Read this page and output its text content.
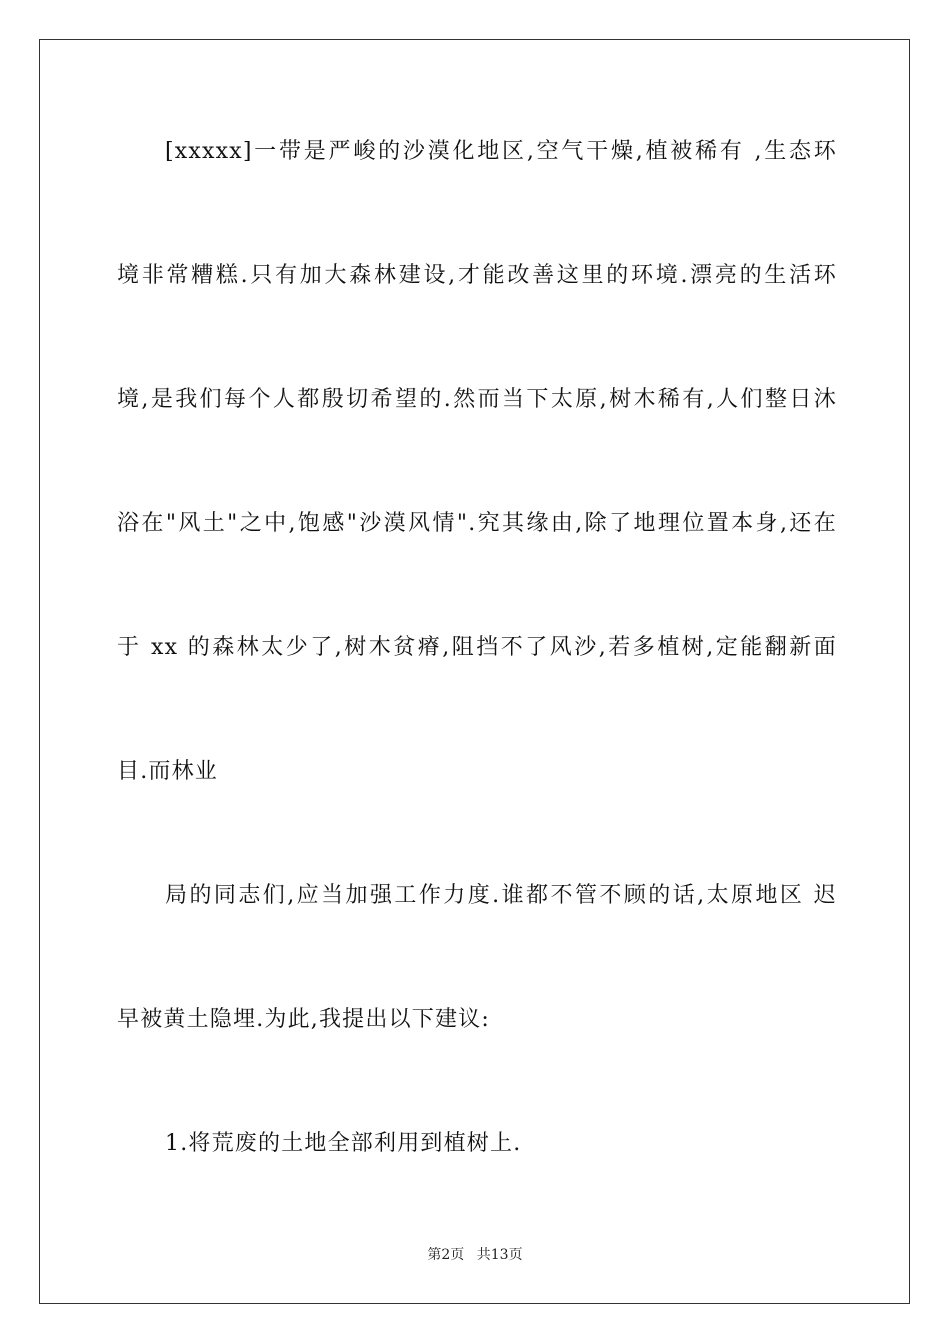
[xxxxx]一带是严峻的沙漠化地区,空气干燥,植被稀有 ,生态环
境非常糟糕.只有加大森林建设,才能改善这里的环境.漂亮的生活环
境,是我们每个人都殷切希望的.然而当下太原,树木稀有,人们整日沐
浴在"风土"之中,饱感"沙漠风情".究其缘由,除了地理位置本身,还在
于 xx 的森林太少了,树木贫瘠,阻挡不了风沙,若多植树,定能翻新面
目.而林业
局的同志们,应当加强工作力度.谁都不管不顾的话,太原地区 迟
早被黄土隐埋.为此,我提出以下建议:
1.将荒废的土地全部利用到植树上.
第2页 共13页
